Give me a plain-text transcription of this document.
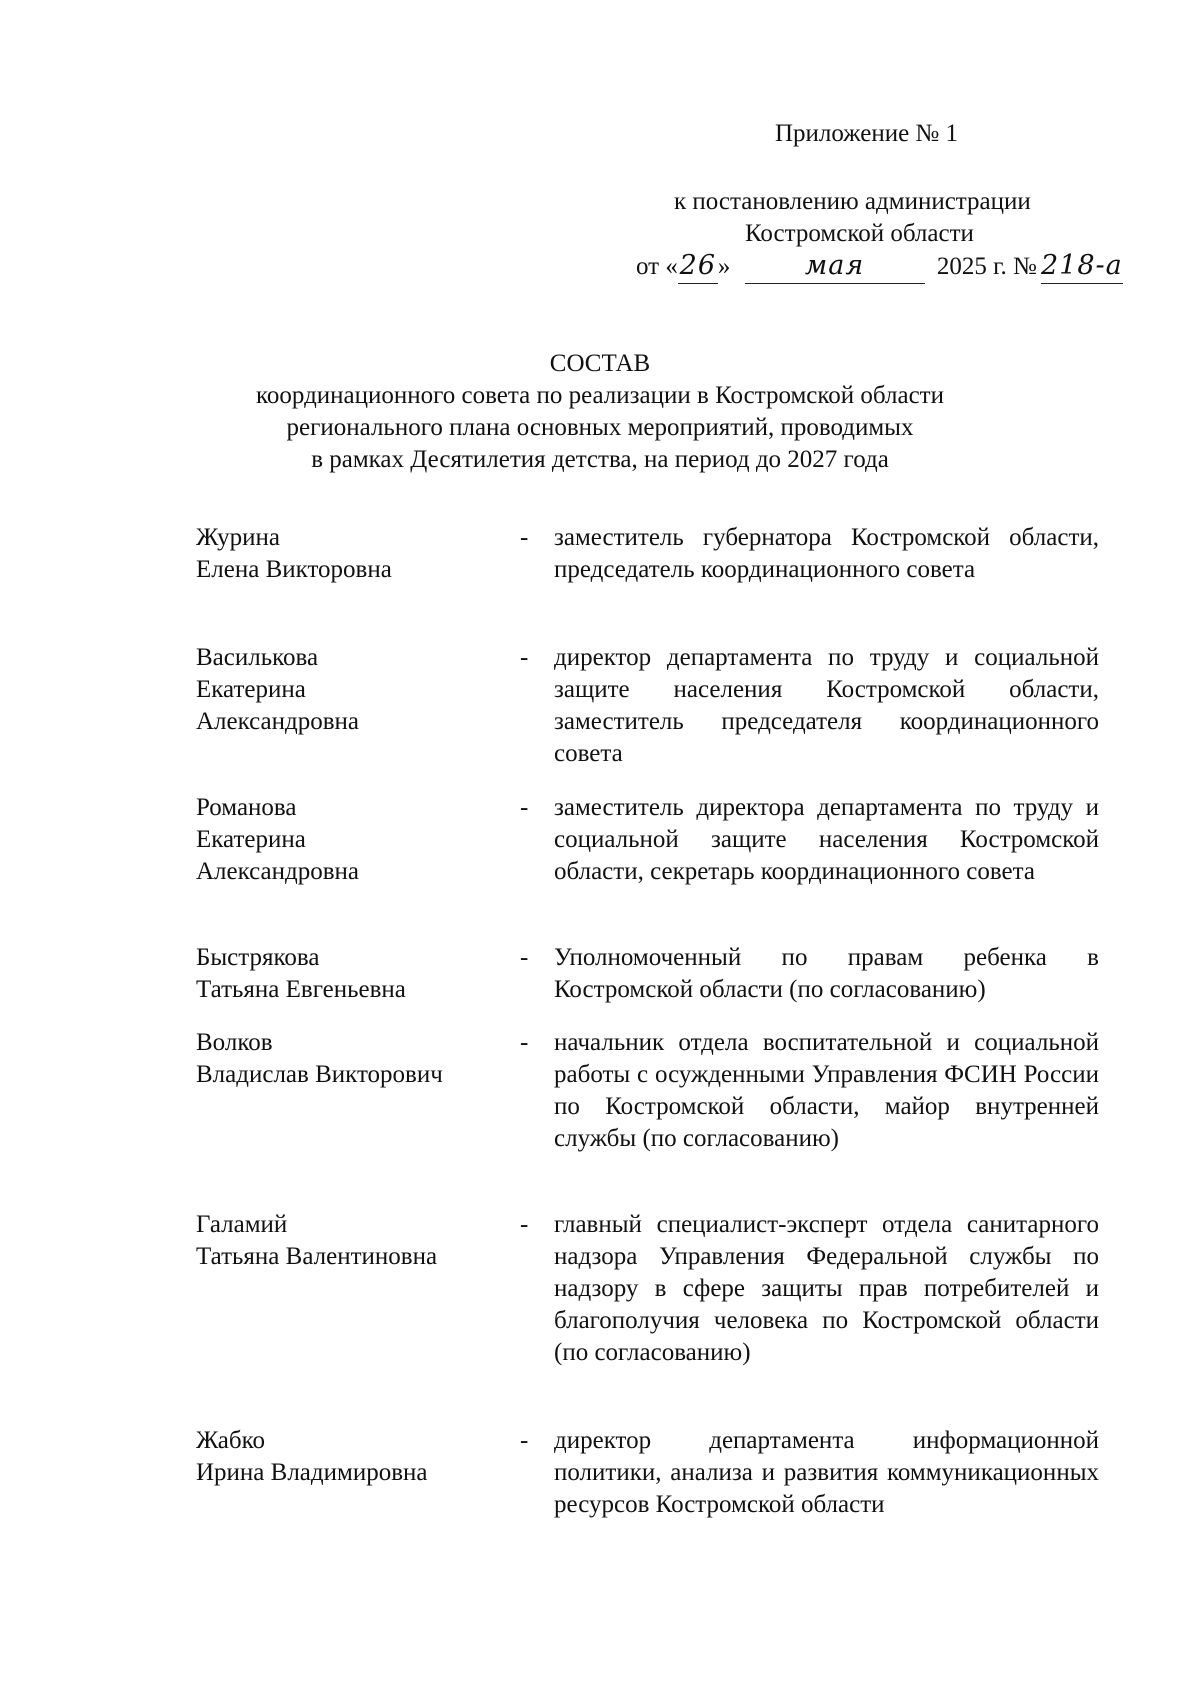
Приложение № 1
к постановлению администрации
Костромской области
от «26»	мая	2025 г. № 218-а
СОСТАВ
координационного совета по реализации в Костромской области
регионального плана основных мероприятий, проводимых
в рамках Десятилетия детства, на период до 2027 года
Журина
Елена Викторовна
- заместитель губернатора Костромской области, председатель координационного совета
Василькова
Екатерина
Александровна
- директор департамента по труду и социальной защите населения Костромской области, заместитель председателя координационного совета
Романова
Екатерина
Александровна
- заместитель директора департамента по труду и социальной защите населения Костромской области, секретарь координационного совета
Быстрякова
Татьяна Евгеньевна
- Уполномоченный по правам ребенка в Костромской области (по согласованию)
Волков
Владислав Викторович
- начальник отдела воспитательной и социальной работы с осужденными Управления ФСИН России по Костромской области, майор внутренней службы (по согласованию)
Галамий
Татьяна Валентиновна
- главный специалист-эксперт отдела санитарного надзора Управления Федеральной службы по надзору в сфере защиты прав потребителей и благополучия человека по Костромской области (по согласованию)
Жабко
Ирина Владимировна
- директор департамента информационной политики, анализа и развития коммуникационных ресурсов Костромской области
